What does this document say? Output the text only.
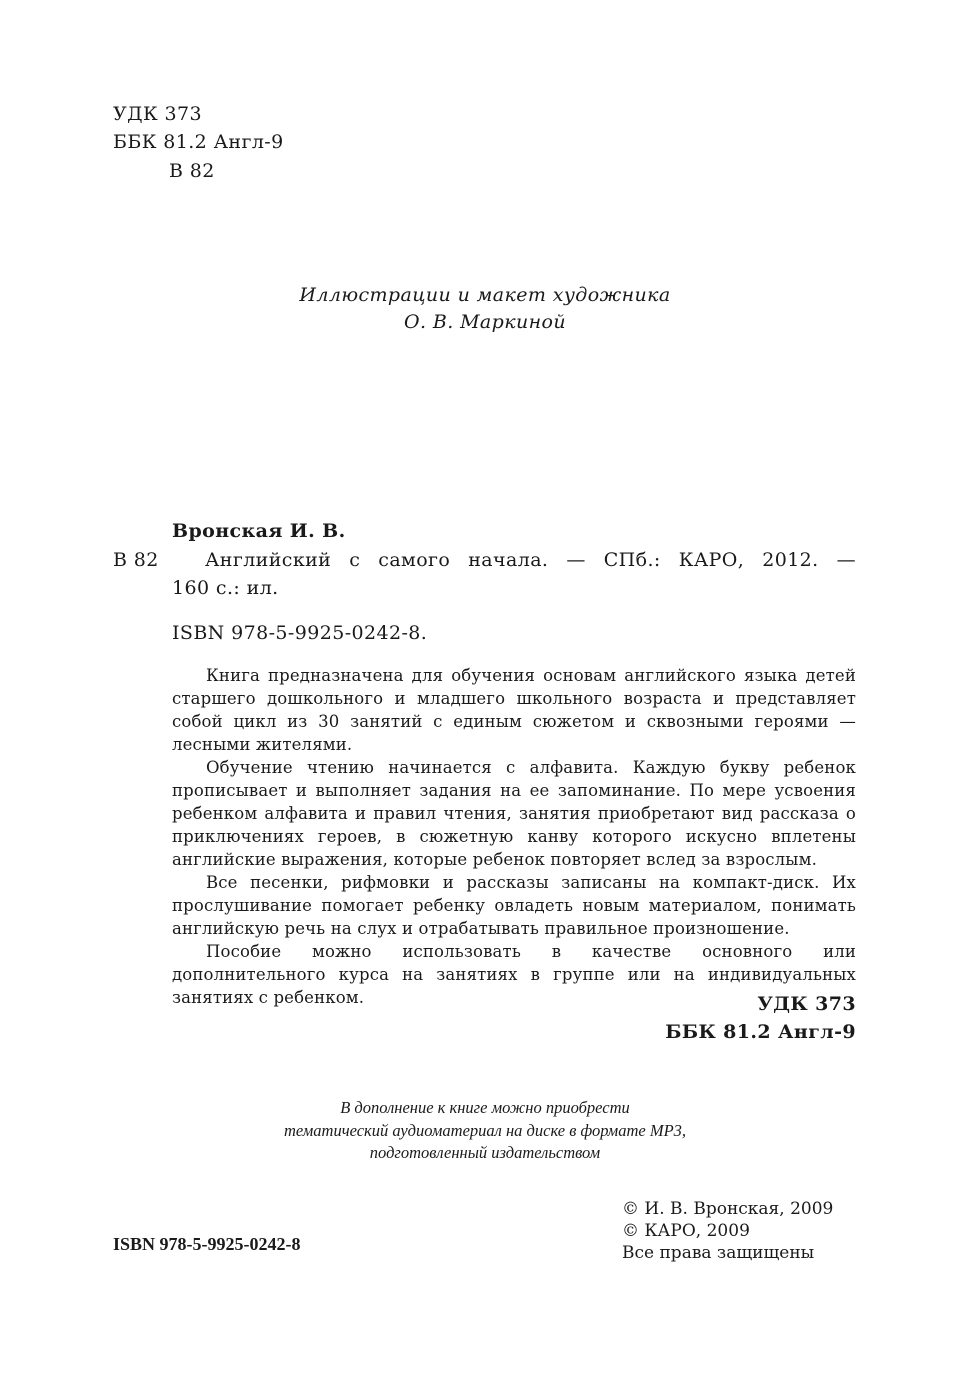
УДК 373
ББК 81.2 Англ-9
В 82
Иллюстрации и макет художника
О. В. Маркиной
Вронская И. В.
В 82 Английский с самого начала. — СПб.: КАРО, 2012. —
160 с.: ил.
ISBN 978-5-9925-0242-8.

Книга предназначена для обучения основам английского языка детей старшего дошкольного и младшего школьного возраста и представляет собой цикл из 30 занятий с единым сюжетом и сквозными героями — лесными жителями.

Обучение чтению начинается с алфавита. Каждую букву ребенок прописывает и выполняет задания на ее запоминание. По мере усвоения ребенком алфавита и правил чтения, занятия приобретают вид рассказа о приключениях героев, в сюжетную канву которого искусно вплетены английские выражения, которые ребенок повторяет вслед за взрослым.

Все песенки, рифмовки и рассказы записаны на компакт-диск. Их прослушивание помогает ребенку овладеть новым материалом, понимать английскую речь на слух и отрабатывать правильное произношение.

Пособие можно использовать в качестве основного или дополнительного курса на занятиях в группе или на индивидуальных занятиях с ребенком.	УДК 373
ББК 81.2 Англ-9
В дополнение к книге можно приобрести
тематический аудиоматериал на диске в формате МР3,
подготовленный издательством
ISBN 978-5-9925-0242-8
© И. В. Вронская, 2009
© КАРО, 2009
Все права защищены
